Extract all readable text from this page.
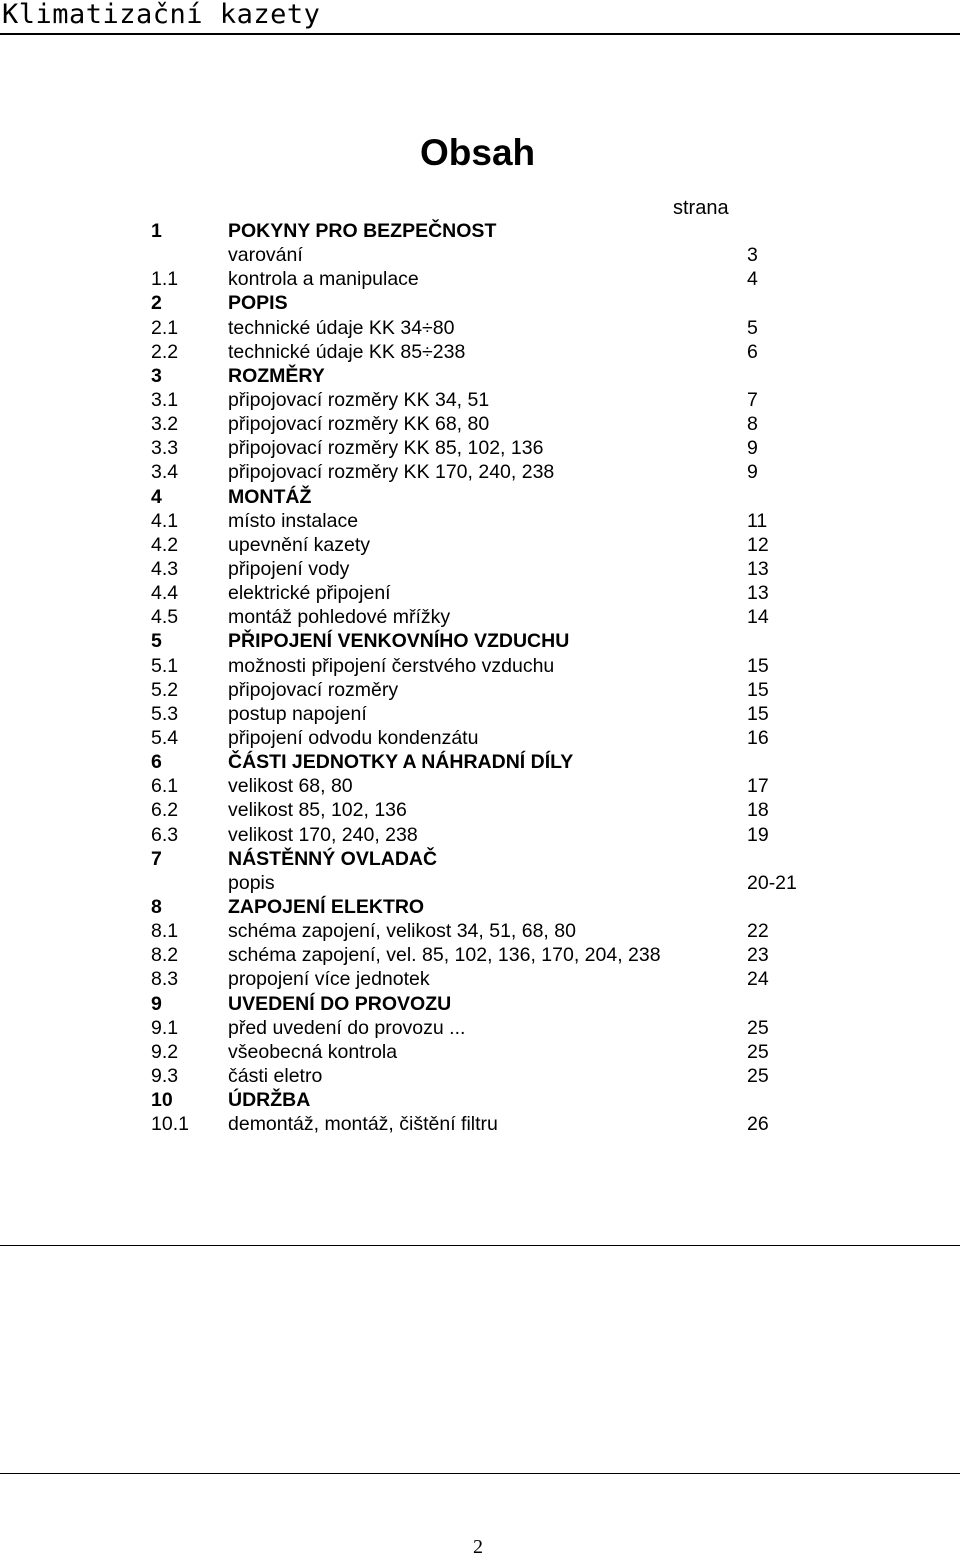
Klimatizační kazety
Obsah
strana
1	POKYNY PRO BEZPEČNOST
varování	3
1.1	kontrola a manipulace	4
2	POPIS
2.1	technické údaje KK 34÷80	5
2.2	technické údaje KK 85÷238	6
3	ROZMĚRY
3.1	připojovací rozměry KK 34, 51	7
3.2	připojovací rozměry KK 68, 80	8
3.3	připojovací rozměry KK 85, 102, 136	9
3.4	připojovací rozměry KK 170, 240, 238	9
4	MONTÁŽ
4.1	místo instalace	11
4.2	upevnění kazety	12
4.3	připojení vody	13
4.4	elektrické připojení	13
4.5	montáž pohledové mřížky	14
5	PŘIPOJENÍ VENKOVNÍHO VZDUCHU
5.1	možnosti připojení čerstvého vzduchu	15
5.2	připojovací rozměry	15
5.3	postup napojení	15
5.4	připojení odvodu kondenzátu	16
6	ČÁSTI JEDNOTKY A NÁHRADNÍ DÍLY
6.1	velikost 68, 80	17
6.2	velikost 85, 102, 136	18
6.3	velikost 170, 240, 238	19
7	NÁSTĚNNÝ OVLADAČ
popis	20-21
8	ZAPOJENÍ ELEKTRO
8.1	schéma zapojení, velikost 34, 51, 68, 80	22
8.2	schéma zapojení, vel. 85, 102, 136, 170, 204, 238	23
8.3	propojení více jednotek	24
9	UVEDENÍ DO PROVOZU
9.1	před uvedení do provozu ...	25
9.2	všeobecná kontrola	25
9.3	části eletro	25
10	ÚDRŽBA
10.1 demontáž, montáž, čištění filtru	26
2
